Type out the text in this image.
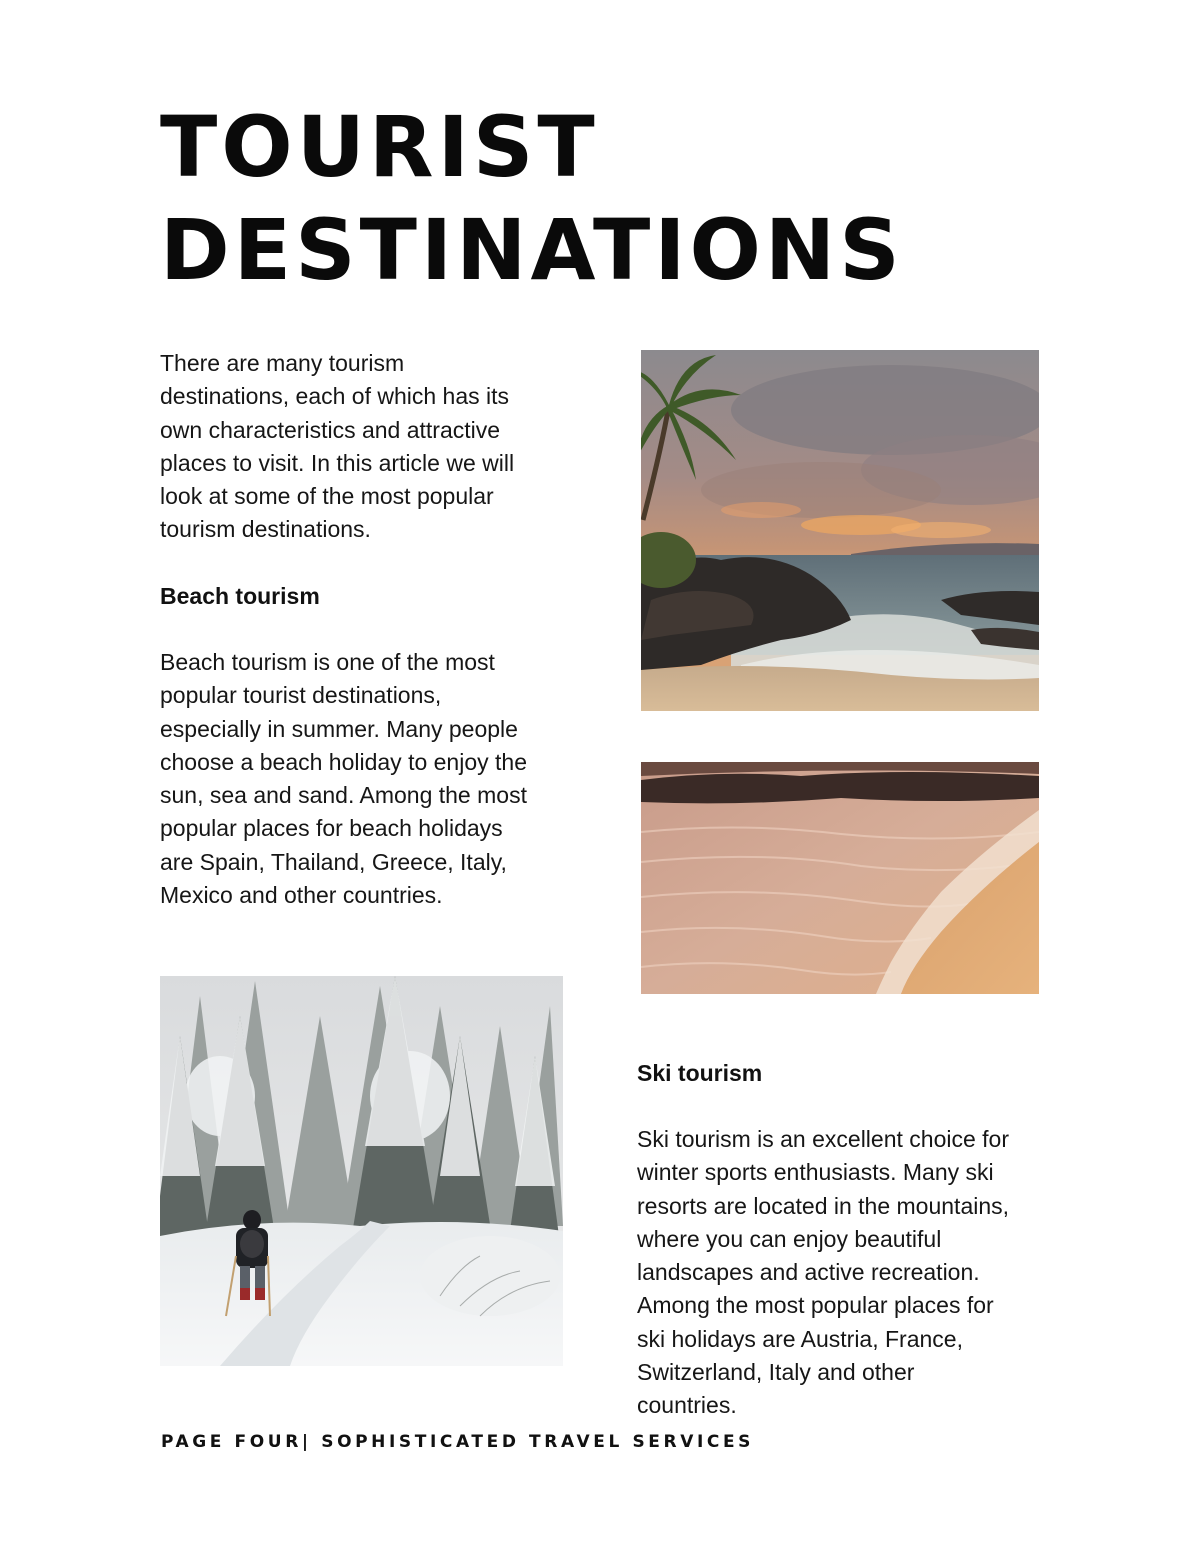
TOURIST
DESTINATIONS

There are many tourism
destinations, each of which has its
own characteristics and attractive
places to visit. In this article we will
look at some of the most popular
tourism destinations.

Beach tourism

Beach tourism is one of the most
popular tourist destinations,
especially in summer. Many people
choose a beach holiday to enjoy the
sun, sea and sand. Among the most
popular places for beach holidays
are Spain, Thailand, Greece, Italy,
Mexico and other countries.

Ski tourism

Ski tourism is an excellent choice for
winter sports enthusiasts. Many ski
resorts are located in the mountains,
where you can enjoy beautiful
landscapes and active recreation.
Among the most popular places for
ski holidays are Austria, France,
Switzerland, Italy and other
countries.

PAGE FOUR| SOPHISTICATED TRAVEL SERVICES
